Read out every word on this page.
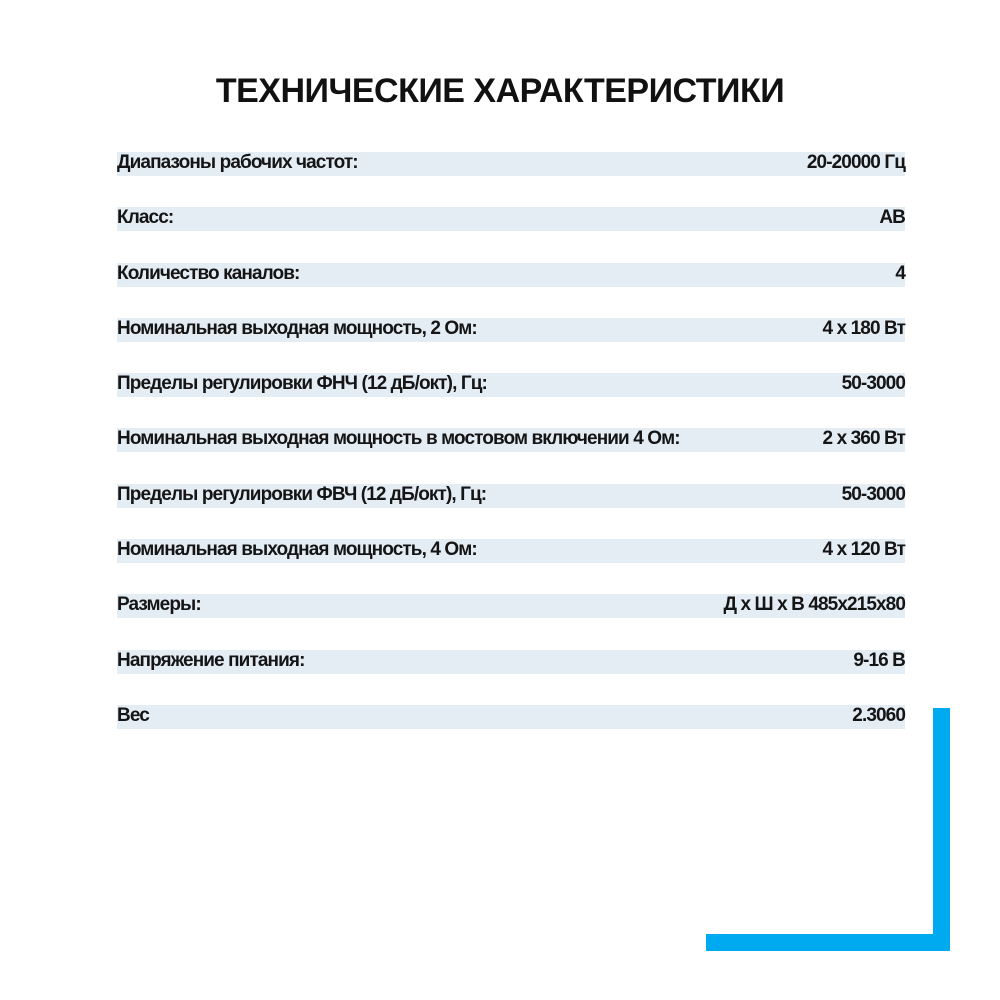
ТЕХНИЧЕСКИЕ ХАРАКТЕРИСТИКИ
Диапазоны рабочих частот:	20-20000 Гц
Класс:	АВ
Количество каналов:	4
Номинальная выходная мощность, 2 Ом:	4 х 180 Вт
Пределы регулировки ФНЧ (12 дБ/окт), Гц:	50-3000
Номинальная выходная мощность в мостовом включении 4 Ом:	2 х 360 Вт
Пределы регулировки ФВЧ (12 дБ/окт), Гц:	50-3000
Номинальная выходная мощность, 4 Ом:	4 х 120 Вт
Размеры:	Д х Ш х В 485х215х80
Напряжение питания:	9-16 В
Вес	2.3060
